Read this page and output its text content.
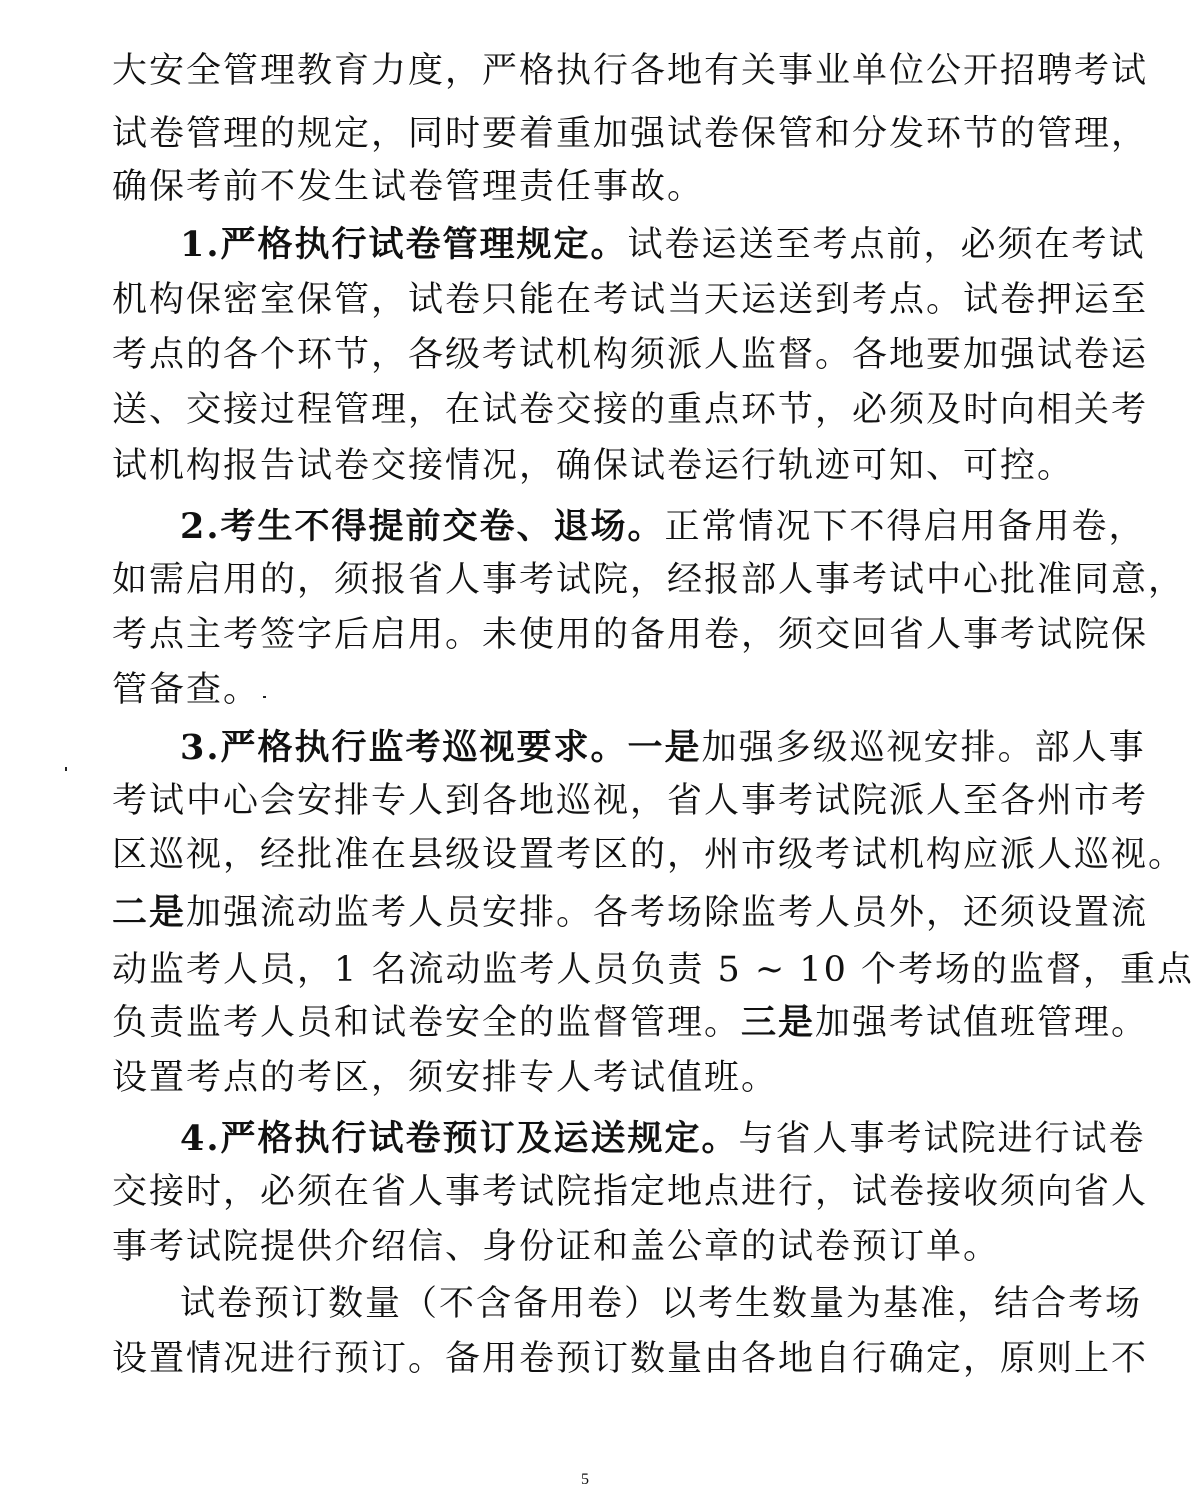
大安全管理教育力度，严格执行各地有关事业单位公开招聘考试
试卷管理的规定，同时要着重加强试卷保管和分发环节的管理，
确保考前不发生试卷管理责任事故。
1.严格执行试卷管理规定。试卷运送至考点前，必须在考试
机构保密室保管，试卷只能在考试当天运送到考点。试卷押运至
考点的各个环节，各级考试机构须派人监督。各地要加强试卷运
送、交接过程管理，在试卷交接的重点环节，必须及时向相关考
试机构报告试卷交接情况，确保试卷运行轨迹可知、可控。
2.考生不得提前交卷、退场。正常情况下不得启用备用卷，
如需启用的，须报省人事考试院，经报部人事考试中心批准同意，
考点主考签字后启用。未使用的备用卷，须交回省人事考试院保
管备查。
3.严格执行监考巡视要求。一是加强多级巡视安排。部人事
考试中心会安排专人到各地巡视，省人事考试院派人至各州市考
区巡视，经批准在县级设置考区的，州市级考试机构应派人巡视。
二是加强流动监考人员安排。各考场除监考人员外，还须设置流
动监考人员，1 名流动监考人员负责 5 ~ 10 个考场的监督，重点
负责监考人员和试卷安全的监督管理。三是加强考试值班管理。
设置考点的考区，须安排专人考试值班。
4.严格执行试卷预订及运送规定。与省人事考试院进行试卷
交接时，必须在省人事考试院指定地点进行，试卷接收须向省人
事考试院提供介绍信、身份证和盖公章的试卷预订单。
试卷预订数量（不含备用卷）以考生数量为基准，结合考场
设置情况进行预订。备用卷预订数量由各地自行确定，原则上不
5
